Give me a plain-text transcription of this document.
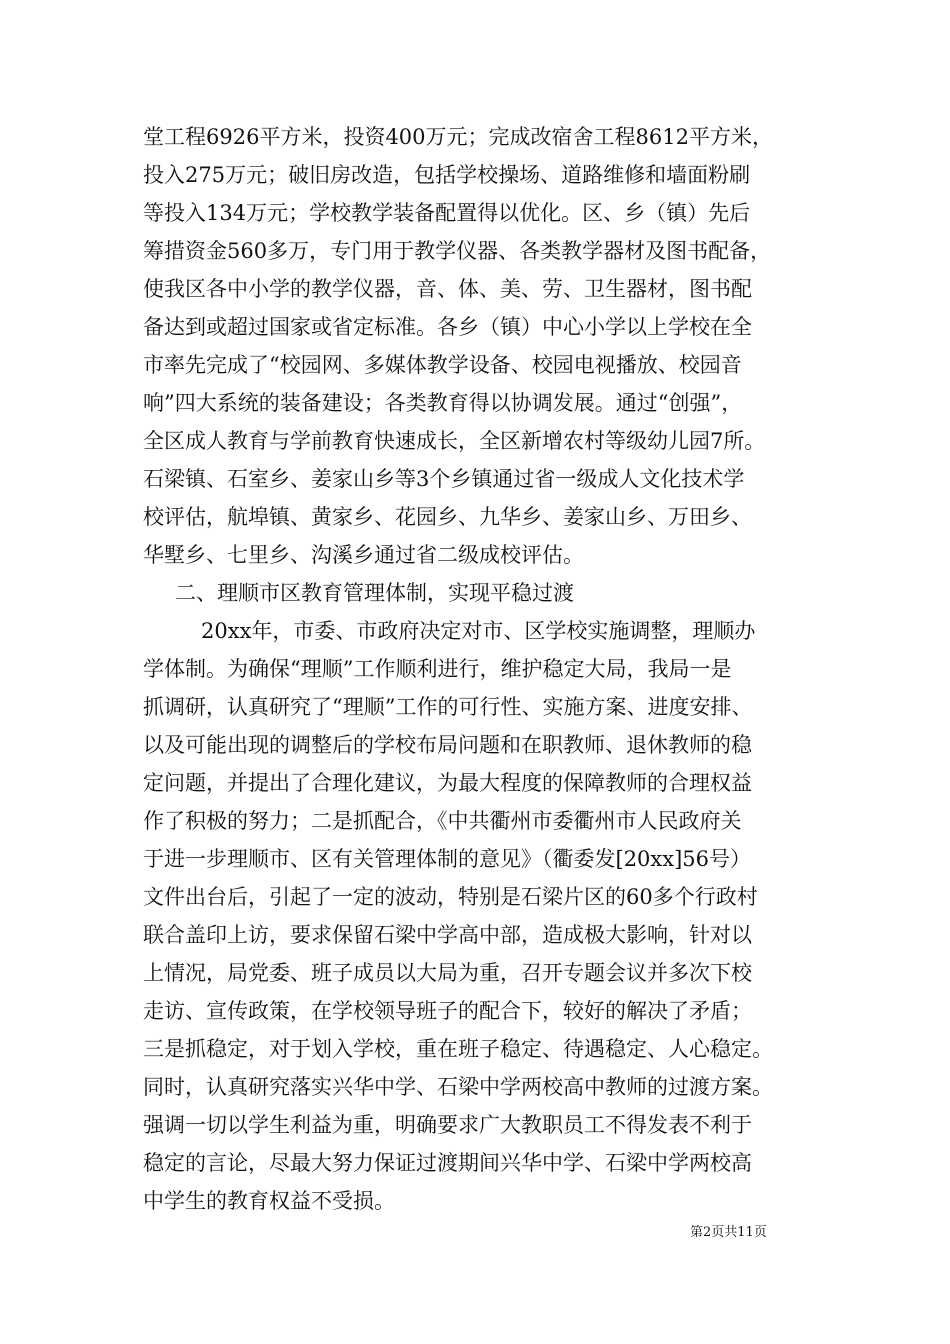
堂工程6926平方米，投资400万元；完成改宿舍工程8612平方米，
投入275万元；破旧房改造，包括学校操场、道路维修和墙面粉刷
等投入134万元；学校教学装备配置得以优化。区、乡（镇）先后
筹措资金560多万，专门用于教学仪器、各类教学器材及图书配备，
使我区各中小学的教学仪器，音、体、美、劳、卫生器材，图书配
备达到或超过国家或省定标准。各乡（镇）中心小学以上学校在全
市率先完成了“校园网、多媒体教学设备、校园电视播放、校园音
响”四大系统的装备建设；各类教育得以协调发展。通过“创强”，
全区成人教育与学前教育快速成长，全区新增农村等级幼儿园7所。
石梁镇、石室乡、姜家山乡等3个乡镇通过省一级成人文化技术学
校评估，航埠镇、黄家乡、花园乡、九华乡、姜家山乡、万田乡、
华墅乡、七里乡、沟溪乡通过省二级成校评估。
二、理顺市区教育管理体制，实现平稳过渡
20xx年，市委、市政府决定对市、区学校实施调整，理顺办
学体制。为确保“理顺”工作顺利进行，维护稳定大局，我局一是
抓调研，认真研究了“理顺”工作的可行性、实施方案、进度安排、
以及可能出现的调整后的学校布局问题和在职教师、退休教师的稳
定问题，并提出了合理化建议，为最大程度的保障教师的合理权益
作了积极的努力；二是抓配合，《中共衢州市委衢州市人民政府关
于进一步理顺市、区有关管理体制的意见》（衢委发[20xx]56号）
文件出台后，引起了一定的波动，特别是石梁片区的60多个行政村
联合盖印上访，要求保留石梁中学高中部，造成极大影响，针对以
上情况，局党委、班子成员以大局为重，召开专题会议并多次下校
走访、宣传政策，在学校领导班子的配合下，较好的解决了矛盾；
三是抓稳定，对于划入学校，重在班子稳定、待遇稳定、人心稳定。
同时，认真研究落实兴华中学、石梁中学两校高中教师的过渡方案。
强调一切以学生利益为重，明确要求广大教职员工不得发表不利于
稳定的言论，尽最大努力保证过渡期间兴华中学、石梁中学两校高
中学生的教育权益不受损。
第2页共11页
